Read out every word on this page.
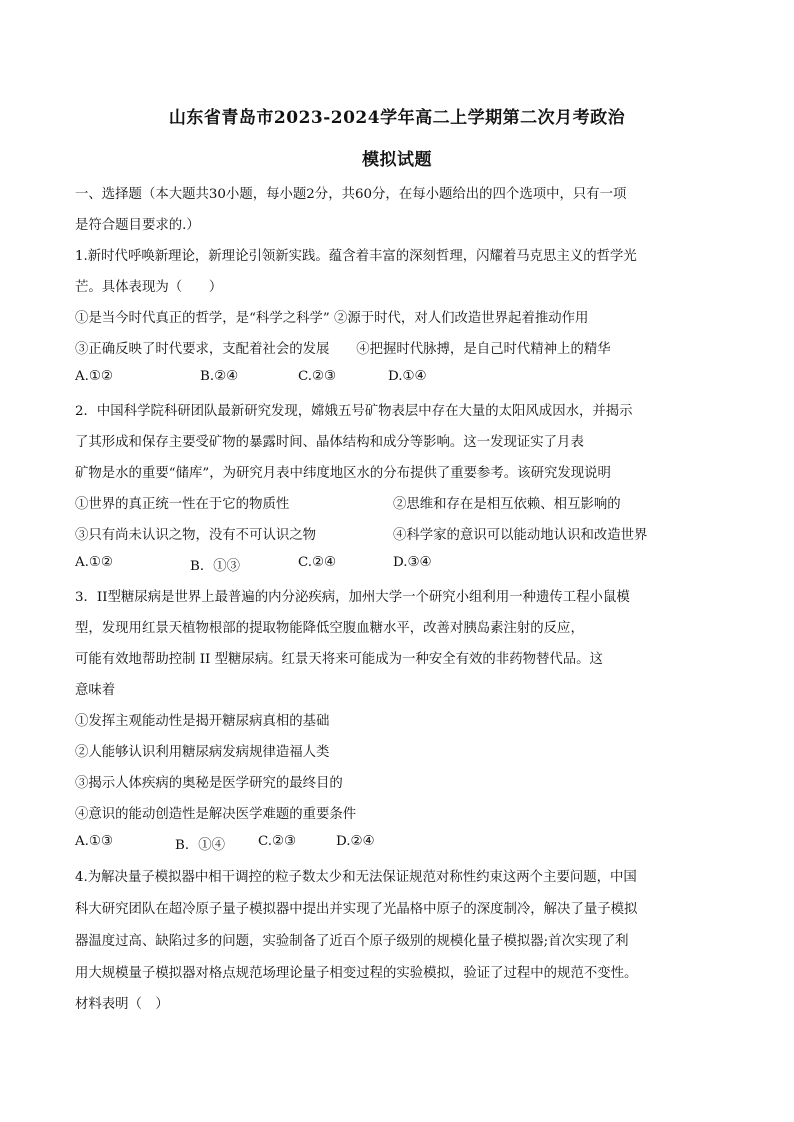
山东省青岛市2023-2024学年高二上学期第二次月考政治
模拟试题
一、选择题（本大题共30小题，每小题2分，共60分，在每小题给出的四个选项中，只有一项
是符合题目要求的.）
1.新时代呼唤新理论，新理论引领新实践。蕴含着丰富的深刻哲理，闪耀着马克思主义的哲学光
芒。具体表现为（　　）
①是当今时代真正的哲学，是“科学之科学” ②源于时代，对人们改造世界起着推动作用
③正确反映了时代要求，支配着社会的发展　　④把握时代脉搏，是自己时代精神上的精华
A.①②	B.②④	C.②③	D.①④
2．中国科学院科研团队最新研究发现，嫦娥五号矿物表层中存在大量的太阳风成因水，并揭示
了其形成和保存主要受矿物的暴露时间、晶体结构和成分等影响。这一发现证实了月表
矿物是水的重要“储库”，为研究月表中纬度地区水的分布提供了重要参考。该研究发现说明
①世界的真正统一性在于它的物质性	②思维和存在是相互依赖、相互影响的
③只有尚未认识之物，没有不可认识之物	④科学家的意识可以能动地认识和改造世界
A.①②	B．①③	C.②④	D.③④
3．II型糖尿病是世界上最普遍的内分泌疾病，加州大学一个研究小组利用一种遗传工程小鼠模
型，发现用红景天植物根部的提取物能降低空腹血糖水平，改善对胰岛素注射的反应，
可能有效地帮助控制 II 型糖尿病。红景天将来可能成为一种安全有效的非药物替代品。这
意味着
①发挥主观能动性是揭开糖尿病真相的基础
②人能够认识利用糖尿病发病规律造福人类
③揭示人体疾病的奥秘是医学研究的最终目的
④意识的能动创造性是解决医学难题的重要条件
A.①③	B．①④ C.②③	D.②④
4.为解决量子模拟器中相干调控的粒子数太少和无法保证规范对称性约束这两个主要问题，中国
科大研究团队在超冷原子量子模拟器中提出并实现了光晶格中原子的深度制冷，解决了量子模拟
器温度过高、缺陷过多的问题，实验制备了近百个原子级别的规模化量子模拟器;首次实现了利
用大规模量子模拟器对格点规范场理论量子相变过程的实验模拟，验证了过程中的规范不变性。
材料表明（　）
